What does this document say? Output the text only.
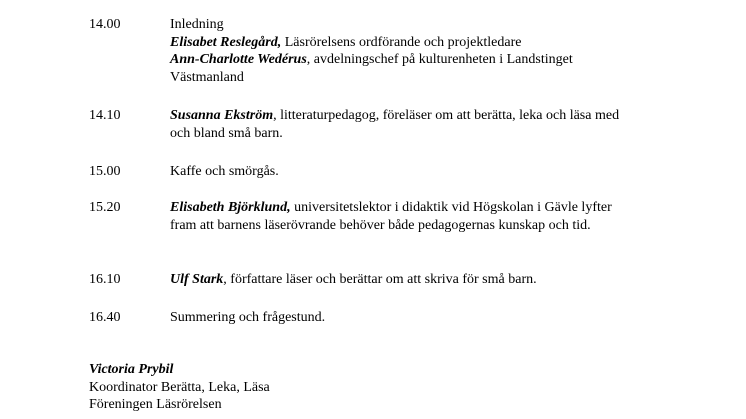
14.00	Inledning
Elisabet Reslegård, Läsrörelsens ordförande och projektledare
Ann-Charlotte Wedérus, avdelningschef på kulturenheten i Landstinget Västmanland
14.10	Susanna Ekström, litteraturpedagog, föreläser om att berätta, leka och läsa med och bland små barn.
15.00	Kaffe och smörgås.
15.20	Elisabeth Björklund, universitetslektor i didaktik vid Högskolan i Gävle lyfter fram att barnens läserövrande behöver både pedagogernas kunskap och tid.
16.10	Ulf Stark, författare läser och berättar om att skriva för små barn.
16.40	Summering och frågestund.
Victoria Prybil
Koordinator Berätta, Leka, Läsa
Föreningen Läsrörelsen
